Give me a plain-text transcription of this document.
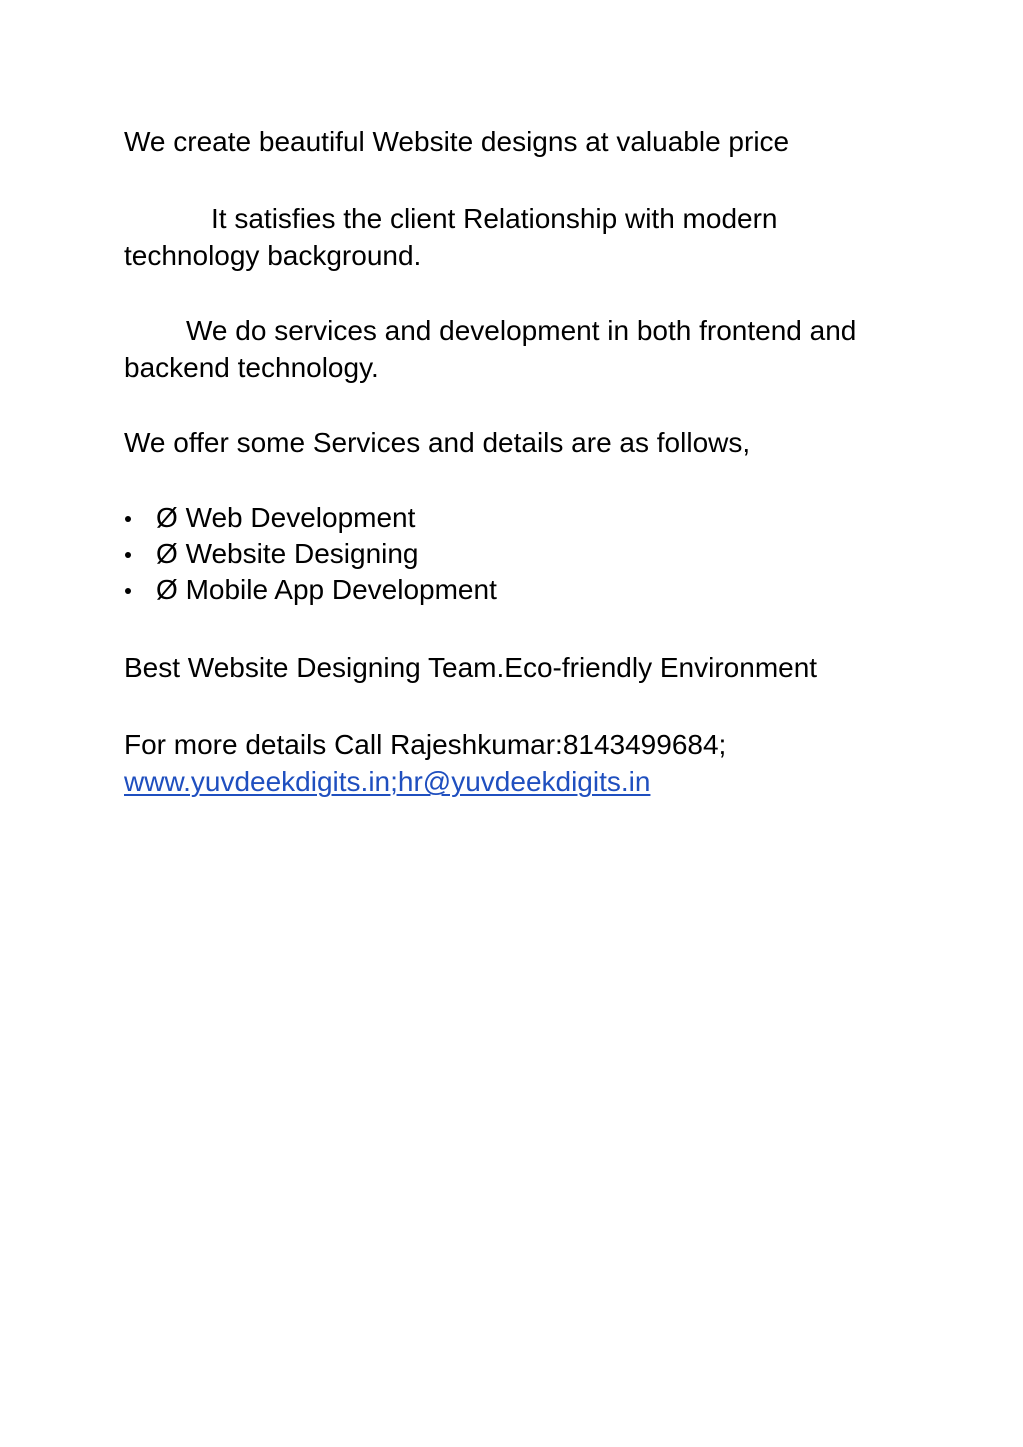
We create beautiful Website designs at valuable price

It satisfies the client Relationship with modern technology background.

We do services and development in both frontend and backend technology.

We offer some Services and details are as follows,

Ø Web Development
Ø Website Designing
Ø Mobile App Development

Best Website Designing Team.Eco-friendly Environment

For more details Call Rajeshkumar:8143499684;
www.yuvdeekdigits.in;hr@yuvdeekdigits.in
